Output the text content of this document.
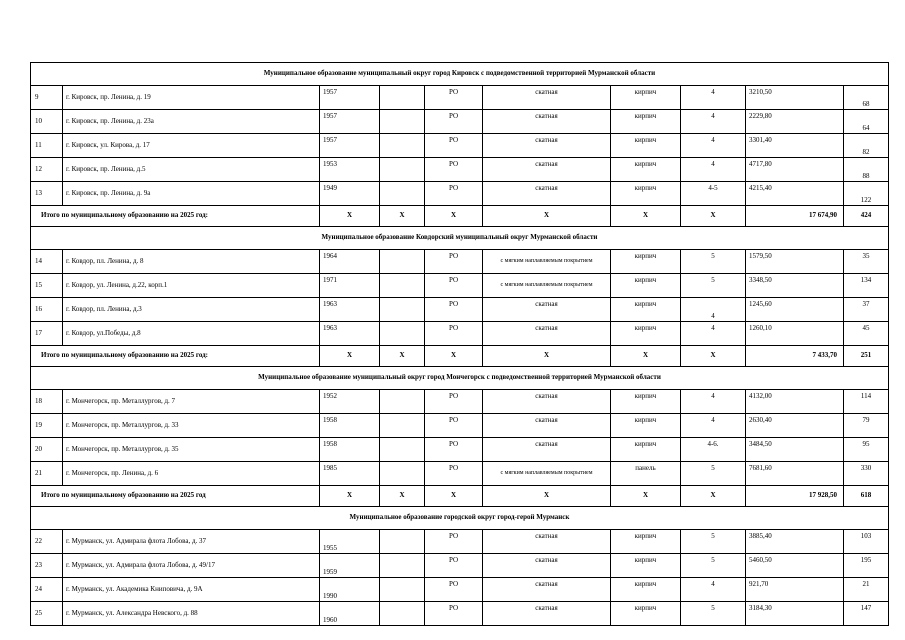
Муниципальное образование муниципальный округ город Кировск с подведомственной территорией Мурманской области									
9	г. Кировск, пр. Ленина, д. 19	1957		РО	скатная	кирпич	4	3210,50	68
10	г. Кировск, пр. Ленина, д. 23а	1957		РО	скатная	кирпич	4	2229,80	64
11	г. Кировск, ул. Кирова, д. 17	1957		РО	скатная	кирпич	4	3301,40	82
12	г. Кировск, пр. Ленина, д.5	1953		РО	скатная	кирпич	4	4717,80	88
13	г. Кировск, пр. Ленина, д. 9а	1949		РО	скатная	кирпич	4-5	4215,40	122
Итого по муниципальному образованию на 2025 год:		Х	Х	Х	Х	Х	Х	17 674,90	424
Муниципальное образование Ковдорский муниципальный округ Мурманской области									
14	г. Ковдор, пл. Ленина, д. 8	1964		РО	с мягким наплавляемым покрытием	кирпич	5	1579,50	35
15	г. Ковдор, ул. Ленина, д.22, корп.1	1971		РО	с мягким наплавляемым покрытием	кирпич	5	3348,50	134
16	г. Ковдор, пл. Ленина, д.3	1963		РО	скатная	кирпич	4	1245,60	37
17	г. Ковдор, ул.Победы, д.8	1963		РО	скатная	кирпич	4	1260,10	45
Итого по муниципальному образованию на 2025 год:		Х	Х	Х	Х	Х	Х	7 433,70	251
Муниципальное образование муниципальный округ город Мончегорск с подведомственной территорией Мурманской области									
18	г. Мончегорск, пр. Металлургов, д. 7	1952		РО	скатная	кирпич	4	4132,00	114
19	г. Мончегорск, пр. Металлургов, д. 33	1958		РО	скатная	кирпич	4	2630,40	79
20	г. Мончегорск, пр. Металлургов, д. 35	1958		РО	скатная	кирпич	4-6.	3484,50	95
21	г. Мончегорск, пр. Ленина, д. 6	1985		РО	с мягким наплавляемым покрытием	панель	5	7681,60	330
Итого по муниципальному образованию на 2025 год		Х	Х	Х	Х	Х	Х	17 928,50	618
Муниципальное образование городской округ город-герой Мурманск									
22	г. Мурманск, ул. Адмирала флота Лобова, д. 37	1955		РО	скатная	кирпич	5	3885,40	103
23	г. Мурманск, ул. Адмирала флота Лобова, д. 49/17	1959		РО	скатная	кирпич	5	5460,50	195
24	г. Мурманск, ул. Академика Книповича, д. 9А	1990		РО	скатная	кирпич	4	921,70	21
25	г. Мурманск, ул. Александра Невского, д. 88	1960		РО	скатная	кирпич	5	3184,30	147
